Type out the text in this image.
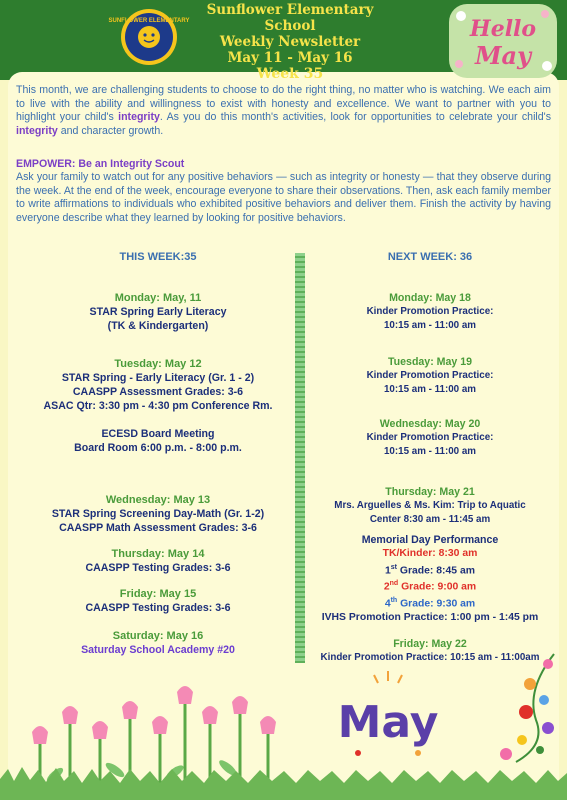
SUNFLOWER ELEMENTARY
Sunflower Elementary School
Weekly Newsletter
May 11 - May 16
Week 35
Hello
May
This month, we are challenging students to choose to do the right thing, no matter who is watching. We each aim to live with the ability and willingness to exist with honesty and excellence. We want to partner with you to highlight your child's integrity. As you do this month's activities, look for opportunities to celebrate your child's integrity and character growth.
EMPOWER: Be an Integrity Scout
Ask your family to watch out for any positive behaviors — such as integrity or honesty — that they observe during the week. At the end of the week, encourage everyone to share their observations. Then, ask each family member to write affirmations to individuals who exhibited positive behaviors and deliver them. Finish the activity by having everyone describe what they learned by looking for positive behaviors.
THIS WEEK:35
Monday: May, 11
STAR Spring Early Literacy
(TK & Kindergarten)
Tuesday: May 12
STAR Spring - Early Literacy (Gr. 1 - 2)
CAASPP Assessment Grades: 3-6
ASAC Qtr: 3:30 pm - 4:30 pm Conference Rm.
ECESD Board Meeting
Board Room 6:00 p.m. - 8:00 p.m.
Wednesday: May 13
STAR Spring Screening Day-Math (Gr. 1-2)
CAASPP Math Assessment Grades: 3-6
Thursday: May 14
CAASPP Testing Grades: 3-6
Friday: May 15
CAASPP Testing Grades: 3-6
Saturday: May 16
Saturday School Academy #20
NEXT WEEK: 36
Monday: May 18
Kinder Promotion Practice:
10:15 am - 11:00 am
Tuesday: May 19
Kinder Promotion Practice:
10:15 am - 11:00 am
Wednesday: May 20
Kinder Promotion Practice:
10:15 am - 11:00 am
Thursday: May 21
Mrs. Arguelles & Ms. Kim: Trip to Aquatic
Center 8:30 am - 11:45 am
Memorial Day Performance
TK/Kinder: 8:30 am
1st Grade: 8:45 am
2nd Grade: 9:00 am
4th Grade: 9:30 am
IVHS Promotion Practice: 1:00 pm - 1:45 pm
Friday: May 22
Kinder Promotion Practice: 10:15 am - 11:00am
May
